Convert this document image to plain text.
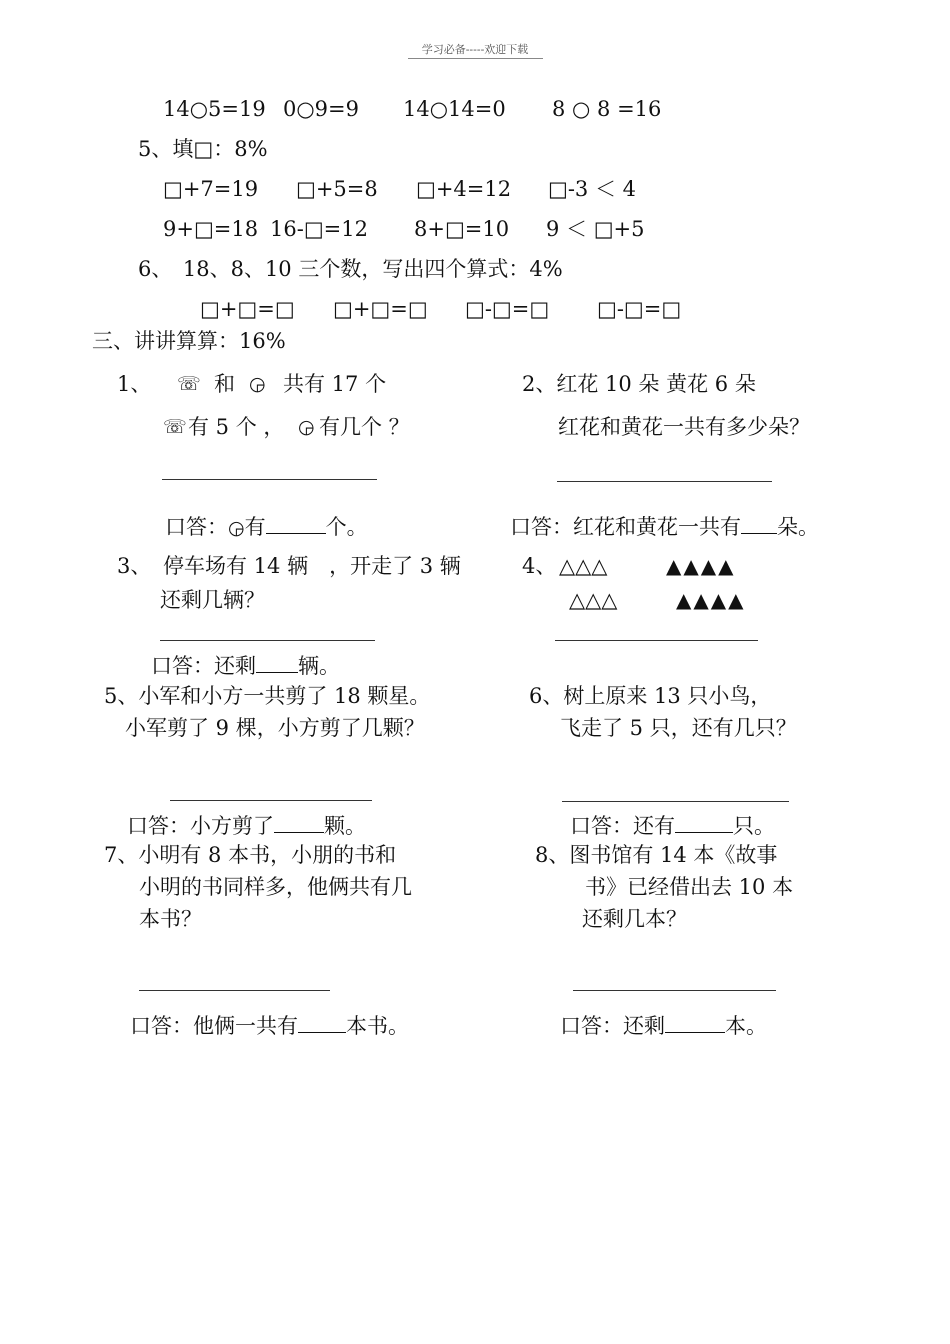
学习必备-----欢迎下载
14○5=19 0○9=9 14○14=0 8 ○ 8 =16
5、填□：8%
□+7=19 □+5=8 □+4=12 □-3 ＜ 4
9+□=18 16-□=12 8+□=10 9 ＜ □+5
6、　18、8、10 三个数，写出四个算式：4%
□+□=□ □+□=□ □-□=□ □-□=□
三、讲讲算算：16%
1、 ☏ 和 ◶ 共有 17 个
☏ 有 5 个 ， ◶ 有几个 ？
口答：◶有	个。
2、红花 10 朵 黄花 6 朵
红花和黄花一共有多少朵？
口答：红花和黄花一共有 朵。
3、 停车场有 14 辆　，开走了 3 辆
还剩几辆？
口答：还剩 辆。
4、 △△△	▲▲▲▲
△△△	▲▲▲▲
5、小军和小方一共剪了 18 颗星。
小军剪了 9 棵，小方剪了几颗？
口答：小方剪了 颗。
6、树上原来 13 只小鸟，
飞走了 5 只，还有几只？
口答：还有	只。
7、小明有 8 本书，小朋的书和
小明的书同样多，他俩共有几
本书？
口答：他俩一共有 本书。
8、图书馆有 14 本《故事
书》已经借出去 10 本
还剩几本？
口答：还剩	本。
